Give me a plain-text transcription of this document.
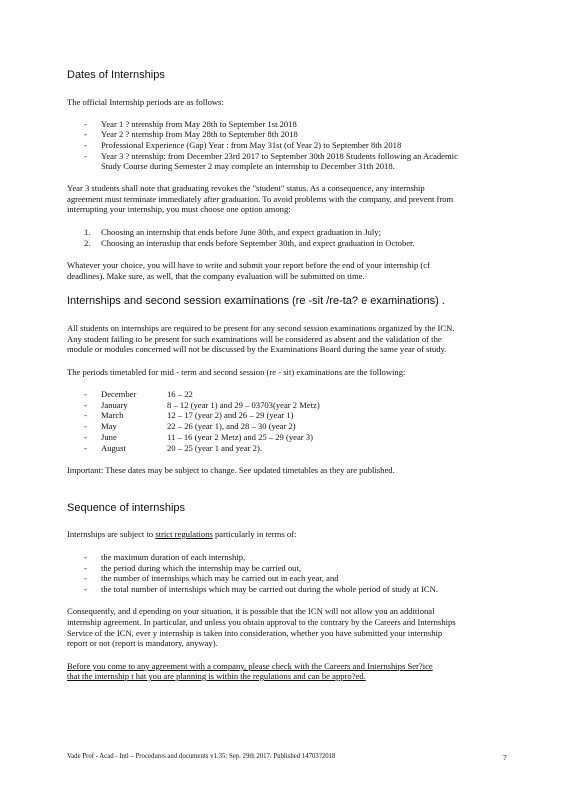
Dates of Internships
The official Internship periods are as follows:
- Year 1 ? nternship from May 28th to September 1st 2018
- Year 2 ? nternship from May 28th to September 8th 2018
- Professional Experience (Gap) Year : from May 31st (of Year 2) to September 8th 2018
- Year 3 ? nternship: from December 23rd 2017 to September 30th 2018 Students following an Academic
Study Course during Semester 2 may complete an internship to December 31th 2018.
Year 3 students shall note that graduating revokes the "student" status. As a consequence, any internship
agreement must terminate immediately after graduation. To avoid problems with the company, and prevent from
interrupting your internship, you must choose one option among:
1. Choosing an internship that ends before June 30th, and expect graduation in July;
2. Choosing an internship that ends before September 30th, and expect graduation in October.
Whatever your choice, you will have to write and submit your report before the end of your internship (cf
deadlines). Make sure, as well, that the company evaluation will be submitted on time.
Internships and second session examinations (re -sit /re-ta? e examinations) .
All students on internships are required to be present for any second session examinations organized by the ICN.
Any student failing to be present for such examinations will be considered as absent and the validation of the
module or modules concerned will not be discussed by the Examinations Board during the same year of study.
The periods timetabled for mid - term and second session (re - sit) examinations are the following:
- December	16 – 22
- January	8 – 12 (year 1) and 29 – 03703(year 2 Metz)
- March	12 – 17 (year 2) and 26 – 29 (year 1)
- May	22 – 26 (year 1), and 28 – 30 (year 2)
- June	11 – 16 (year 2 Metz) and 25 – 29 (year 3)
- August	20 – 25 (year 1 and year 2).
Important: These dates may be subject to change. See updated timetables as they are published.
Sequence of internships
Internships are subject to strict regulations particularly in terms of:
- the maximum duration of each internship,
- the period during which the internship may be carried out,
- the number of internships which may be carried out in each year, and
- the total number of internships which may be carried out during the whole period of study at ICN.
Consequently, and d epending on your situation, it is possible that the ICN will not allow you an additional
internship agreement. In particular, and unless you obtain approval to the contrary by the Careers and Internships
Service of the ICN, ever y internship is taken into consideration, whether you have submitted your internship
report or not (report is mandatory, anyway).
Before you come to any agreement with a company, please check with the Careers and Internships Ser?ice
that the internship t hat you are planning is within the regulations and can be appro?ed.
Vade Prof - Acad - Intl – Procedures and documents v1.35: Sep. 29th 2017. Published 14703?2018	7
